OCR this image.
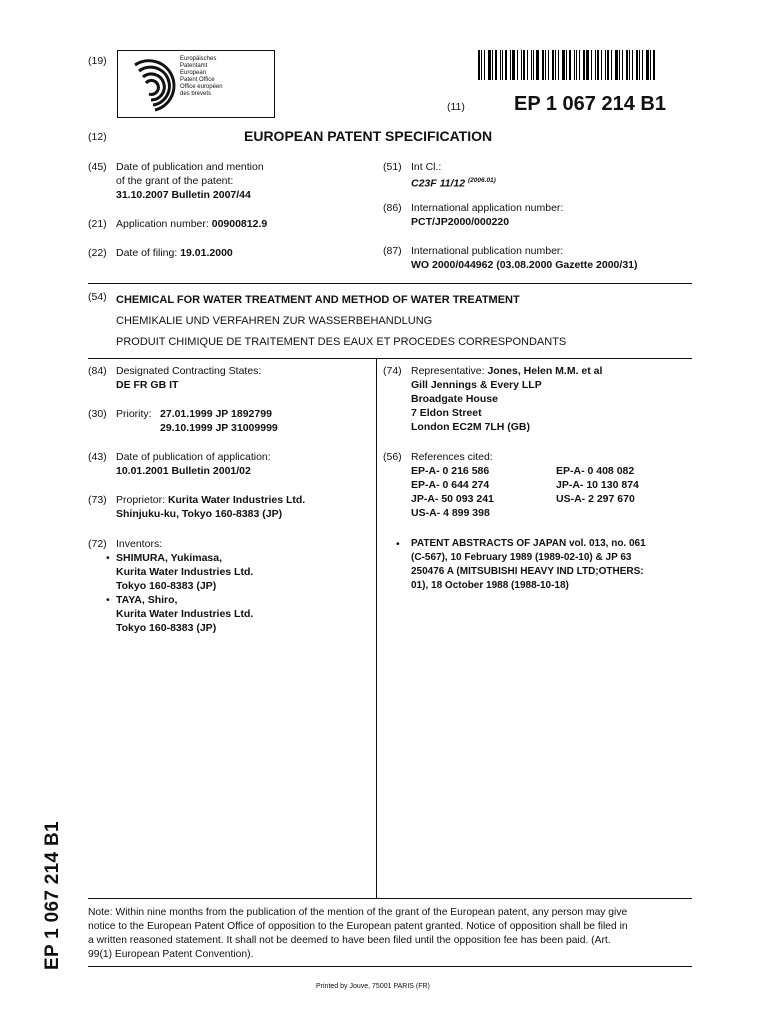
(19)	Europäisches
Patentamt
European
Patent Office
Office européen
des brevets
(11) EP 1 067 214 B1
(12)	EUROPEAN PATENT SPECIFICATION
(45) Date of publication and mention
of the grant of the patent:
31.10.2007 Bulletin 2007/44
(21) Application number: 00900812.9
(22) Date of filing: 19.01.2000
(51) Int Cl.:
C23F 11/12 $^{(2006.01)}$
(86) International application number:
PCT/JP2000/000220
(87) International publication number:
WO 2000/044962 (03.08.2000 Gazette 2000/31)
(54) CHEMICAL FOR WATER TREATMENT AND METHOD OF WATER TREATMENT
CHEMIKALIE UND VERFAHREN ZUR WASSERBEHANDLUNG
PRODUIT CHIMIQUE DE TRAITEMENT DES EAUX ET PROCEDES CORRESPONDANTS
(84) Designated Contracting States:
DE FR GB IT
(30) Priority: 27.01.1999 JP 1892799
29.10.1999 JP 31009999
(43) Date of publication of application:
10.01.2001 Bulletin 2001/02
(73) Proprietor: Kurita Water Industries Ltd.
Shinjuku-ku, Tokyo 160-8383 (JP)
(72) Inventors:
• SHIMURA, Yukimasa,
Kurita Water Industries Ltd.
Tokyo 160-8383 (JP)
• TAYA, Shiro,
Kurita Water Industries Ltd.
Tokyo 160-8383 (JP)
(74) Representative: Jones, Helen M.M. et al
Gill Jennings & Every LLP
Broadgate House
7 Eldon Street
London EC2M 7LH (GB)
(56) References cited:
EP-A- 0 216 586	EP-A- 0 408 082
EP-A- 0 644 274	JP-A- 10 130 874
JP-A- 50 093 241	US-A- 2 297 670
US-A- 4 899 398
• PATENT ABSTRACTS OF JAPAN vol. 013, no. 061
(C-567), 10 February 1989 (1989-02-10) & JP 63
250476 A (MITSUBISHI HEAVY IND LTD;OTHERS:
01), 18 October 1988 (1988-10-18)
Note: Within nine months from the publication of the mention of the grant of the European patent, any person may give
notice to the European Patent Office of opposition to the European patent granted. Notice of opposition shall be filed in
a written reasoned statement. It shall not be deemed to have been filed until the opposition fee has been paid. (Art.
99(1) European Patent Convention).
Printed by Jouve, 75001 PARIS (FR)
EP 1 067 214 B1
